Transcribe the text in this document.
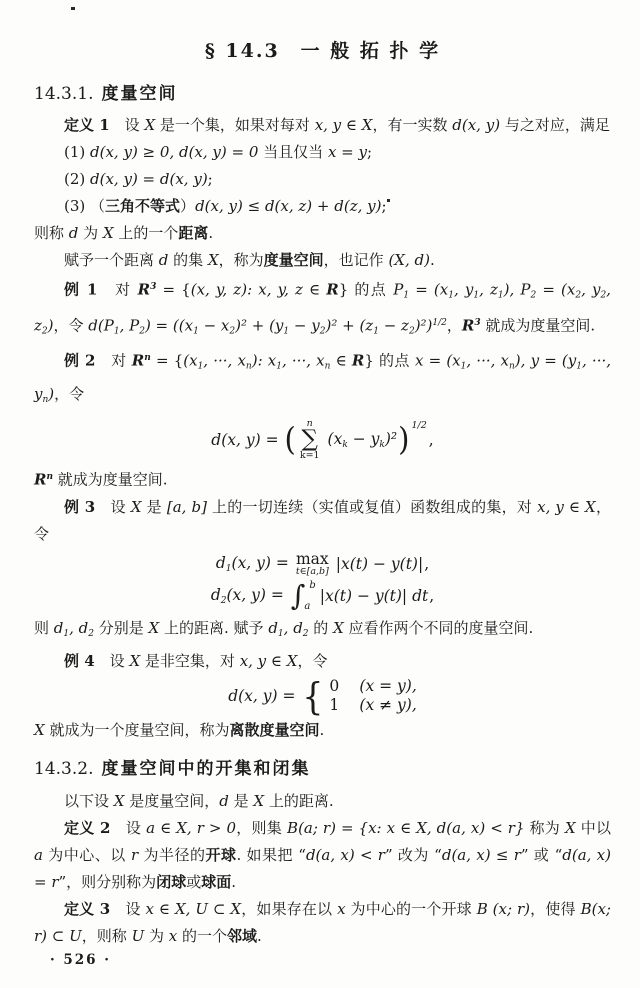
§ 14.3　一 般 拓 扑 学
14.3.1. 度量空间

定义 1　设 X 是一个集，如果对每对 x, y ∈ X，有一实数 d(x, y) 与之对应，满足

(1) d(x, y) ≥ 0, d(x, y) = 0 当且仅当 x = y;

(2) d(x, y) = d(x, y);

(3) （三角不等式）d(x, y) ≤ d(x, z) + d(z, y);

则称 d 为 X 上的一个距离.

赋予一个距离 d 的集 X，称为度量空间，也记作 (X, d).

例 1　对 $R^3 = \{(x$, y, z): x, y, z ∈ R} 的点 $P_1 = (x_1$, $y_1$, $z_1$), $P_2 = (x_2$, $y_2$, $z_2$)，令 $d(P_1$, $P_2) = ((x_1 - x_2)^2 + (y_1 - y_2)^2 + (z_1 - z_2)^2)^{1/2}$，$R^3$ 就成为度量空间.

例 2　对 $R^n = \{(x_1$, ···, $x_n$): $x_1$, ···, $x_n$ ∈ R} 的点 $x = (x_1$, ···, $x_n$), $y = (y_1$, ···, $y_n$)，令

d(x, y) = ( n
∑
k=1
(xk − yk)² ) 1/2
,

$R^n$ 就成为度量空间.

例 3　设 X 是 [a, b] 上的一切连续（实值或复值）函数组成的集，对 x, y ∈ X，令

d1(x, y) = max
t∈[a,b] |x(t) − y(t)| ,
d2(x, y) = ∫ b
a
|x(t) − y(t)| dt ,

则 $d_1$, $d_2$ 分别是 X 上的距离. 赋予 $d_1$, $d_2$ 的 X 应看作两个不同的度量空间.

例 4　设 X 是非空集，对 x, y ∈ X，令

d(x, y) = { 0	(x = y),
1	(x ≠ y),

X 就成为一个度量空间，称为离散度量空间.

14.3.2. 度量空间中的开集和闭集

以下设 X 是度量空间，d 是 X 上的距离.

定义 2　设 a ∈ X, r > 0，则集 B(a; r) = {x: x ∈ X, d(a, x) < r} 称为 X 中以 a 为中心、以 r 为半径的开球. 如果把 “d(a, x) < r” 改为 “d(a, x) ≤ r” 或 “d(a, x) = r”，则分别称为闭球或球面.

定义 3　设 x ∈ X, U ⊂ X，如果存在以 x 为中心的一个开球 B (x; r)，使得 B(x; r) ⊂ U，则称 U 为 x 的一个邻域.

· 526 ·
